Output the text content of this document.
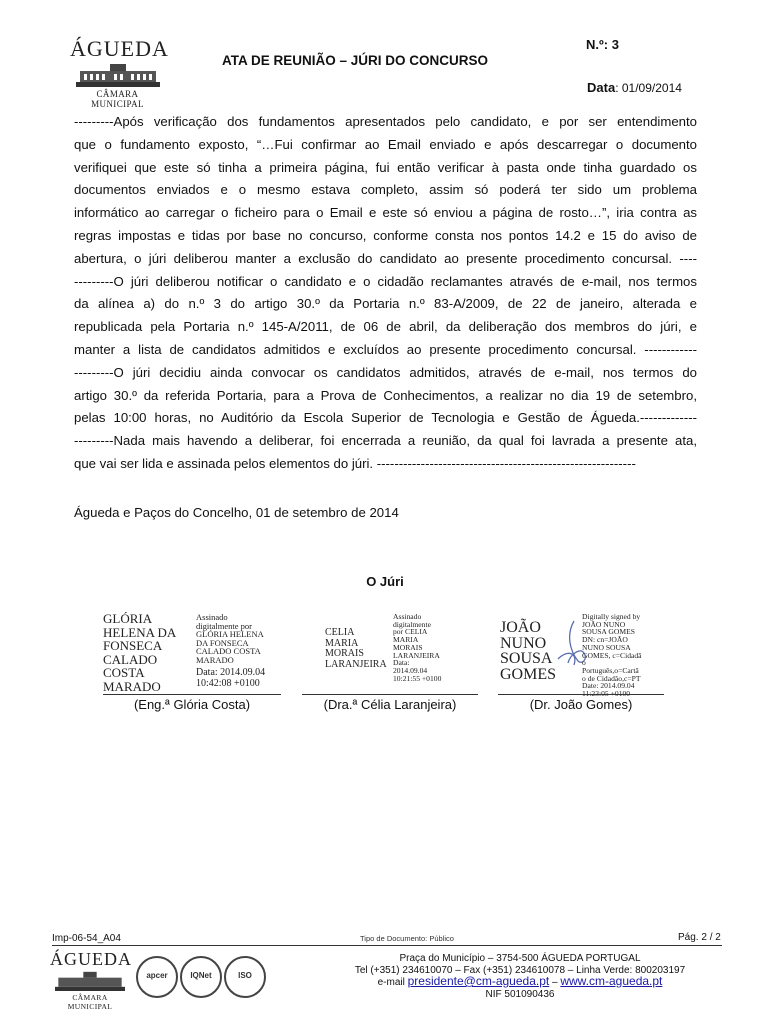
ÁGUEDA
CÂMARA MUNICIPAL
N.º: 3
ATA DE REUNIÃO – JÚRI DO CONCURSO
Data: 01/09/2014

---------Após verificação dos fundamentos apresentados pelo candidato, e por ser entendimento

que o fundamento exposto, “…Fui confirmar ao Email enviado e após descarregar o documento

verifiquei que este só tinha a primeira página, fui então verificar à pasta onde tinha guardado os

documentos enviados e o mesmo estava completo, assim só poderá ter sido um problema

informático ao carregar o ficheiro para o Email e este só enviou a página de rosto…”, iria contra as

regras impostas e tidas por base no concurso, conforme consta nos pontos 14.2 e 15 do aviso de

abertura, o júri deliberou manter a exclusão do candidato ao presente procedimento concursal. ----

---------O júri deliberou notificar o candidato e o cidadão reclamantes através de e-mail, nos termos

da alínea a) do n.º 3 do artigo 30.º da Portaria n.º 83-A/2009, de 22 de janeiro, alterada e

republicada pela Portaria n.º 145-A/2011, de 06 de abril, da deliberação dos membros do júri, e

manter a lista de candidatos admitidos e excluídos ao presente procedimento concursal. ------------

---------O júri decidiu ainda convocar os candidatos admitidos, através de e-mail, nos termos do

artigo 30.º da referida Portaria, para a Prova de Conhecimentos, a realizar no dia 19 de setembro,

pelas 10:00 horas, no Auditório da Escola Superior de Tecnologia e Gestão de Águeda.-------------

---------Nada mais havendo a deliberar, foi encerrada a reunião, da qual foi lavrada a presente ata,

que vai ser lida e assinada pelos elementos do júri. -----------------------------------------------------------

Águeda e Paços do Concelho, 01 de setembro de 2014
O Júri
GLÓRIA
HELENA DA
FONSECA
CALADO
COSTA
MARADO
Assinado
digitalmente por
GLÓRIA HELENA
DA FONSECA
CALADO COSTA
MARADO
Data: 2014.09.04
10:42:08 +0100
(Eng.ª Glória Costa)
CELIA
MARIA
MORAIS
LARANJEIRA
Assinado
digitalmente
por CELIA
MARIA
MORAIS
LARANJEIRA
Data:
2014.09.04
10:21:55 +0100
(Dra.ª Célia Laranjeira)
JOÃO
NUNO
SOUSA
GOMES
Digitally signed by
JOÃO NUNO
SOUSA GOMES
DN: cn=JOÃO
NUNO SOUSA
GOMES, c=Cidadã
o
Português,o=Cartã
o de Cidadão,c=PT
Date: 2014.09.04
11:23:05 +0100
(Dr. João Gomes)
Imp-06-54_A04	Tipo de Documento: Público	Pág. 2 / 2
ÁGUEDA
CÂMARA MUNICIPAL
apcer	IQNet	ISO
Praça do Município – 3754-500 ÁGUEDA PORTUGAL
Tel (+351) 234610070 – Fax (+351) 234610078 – Linha Verde: 800203197
e-mail presidente@cm-agueda.pt – www.cm-agueda.pt
NIF 501090436
